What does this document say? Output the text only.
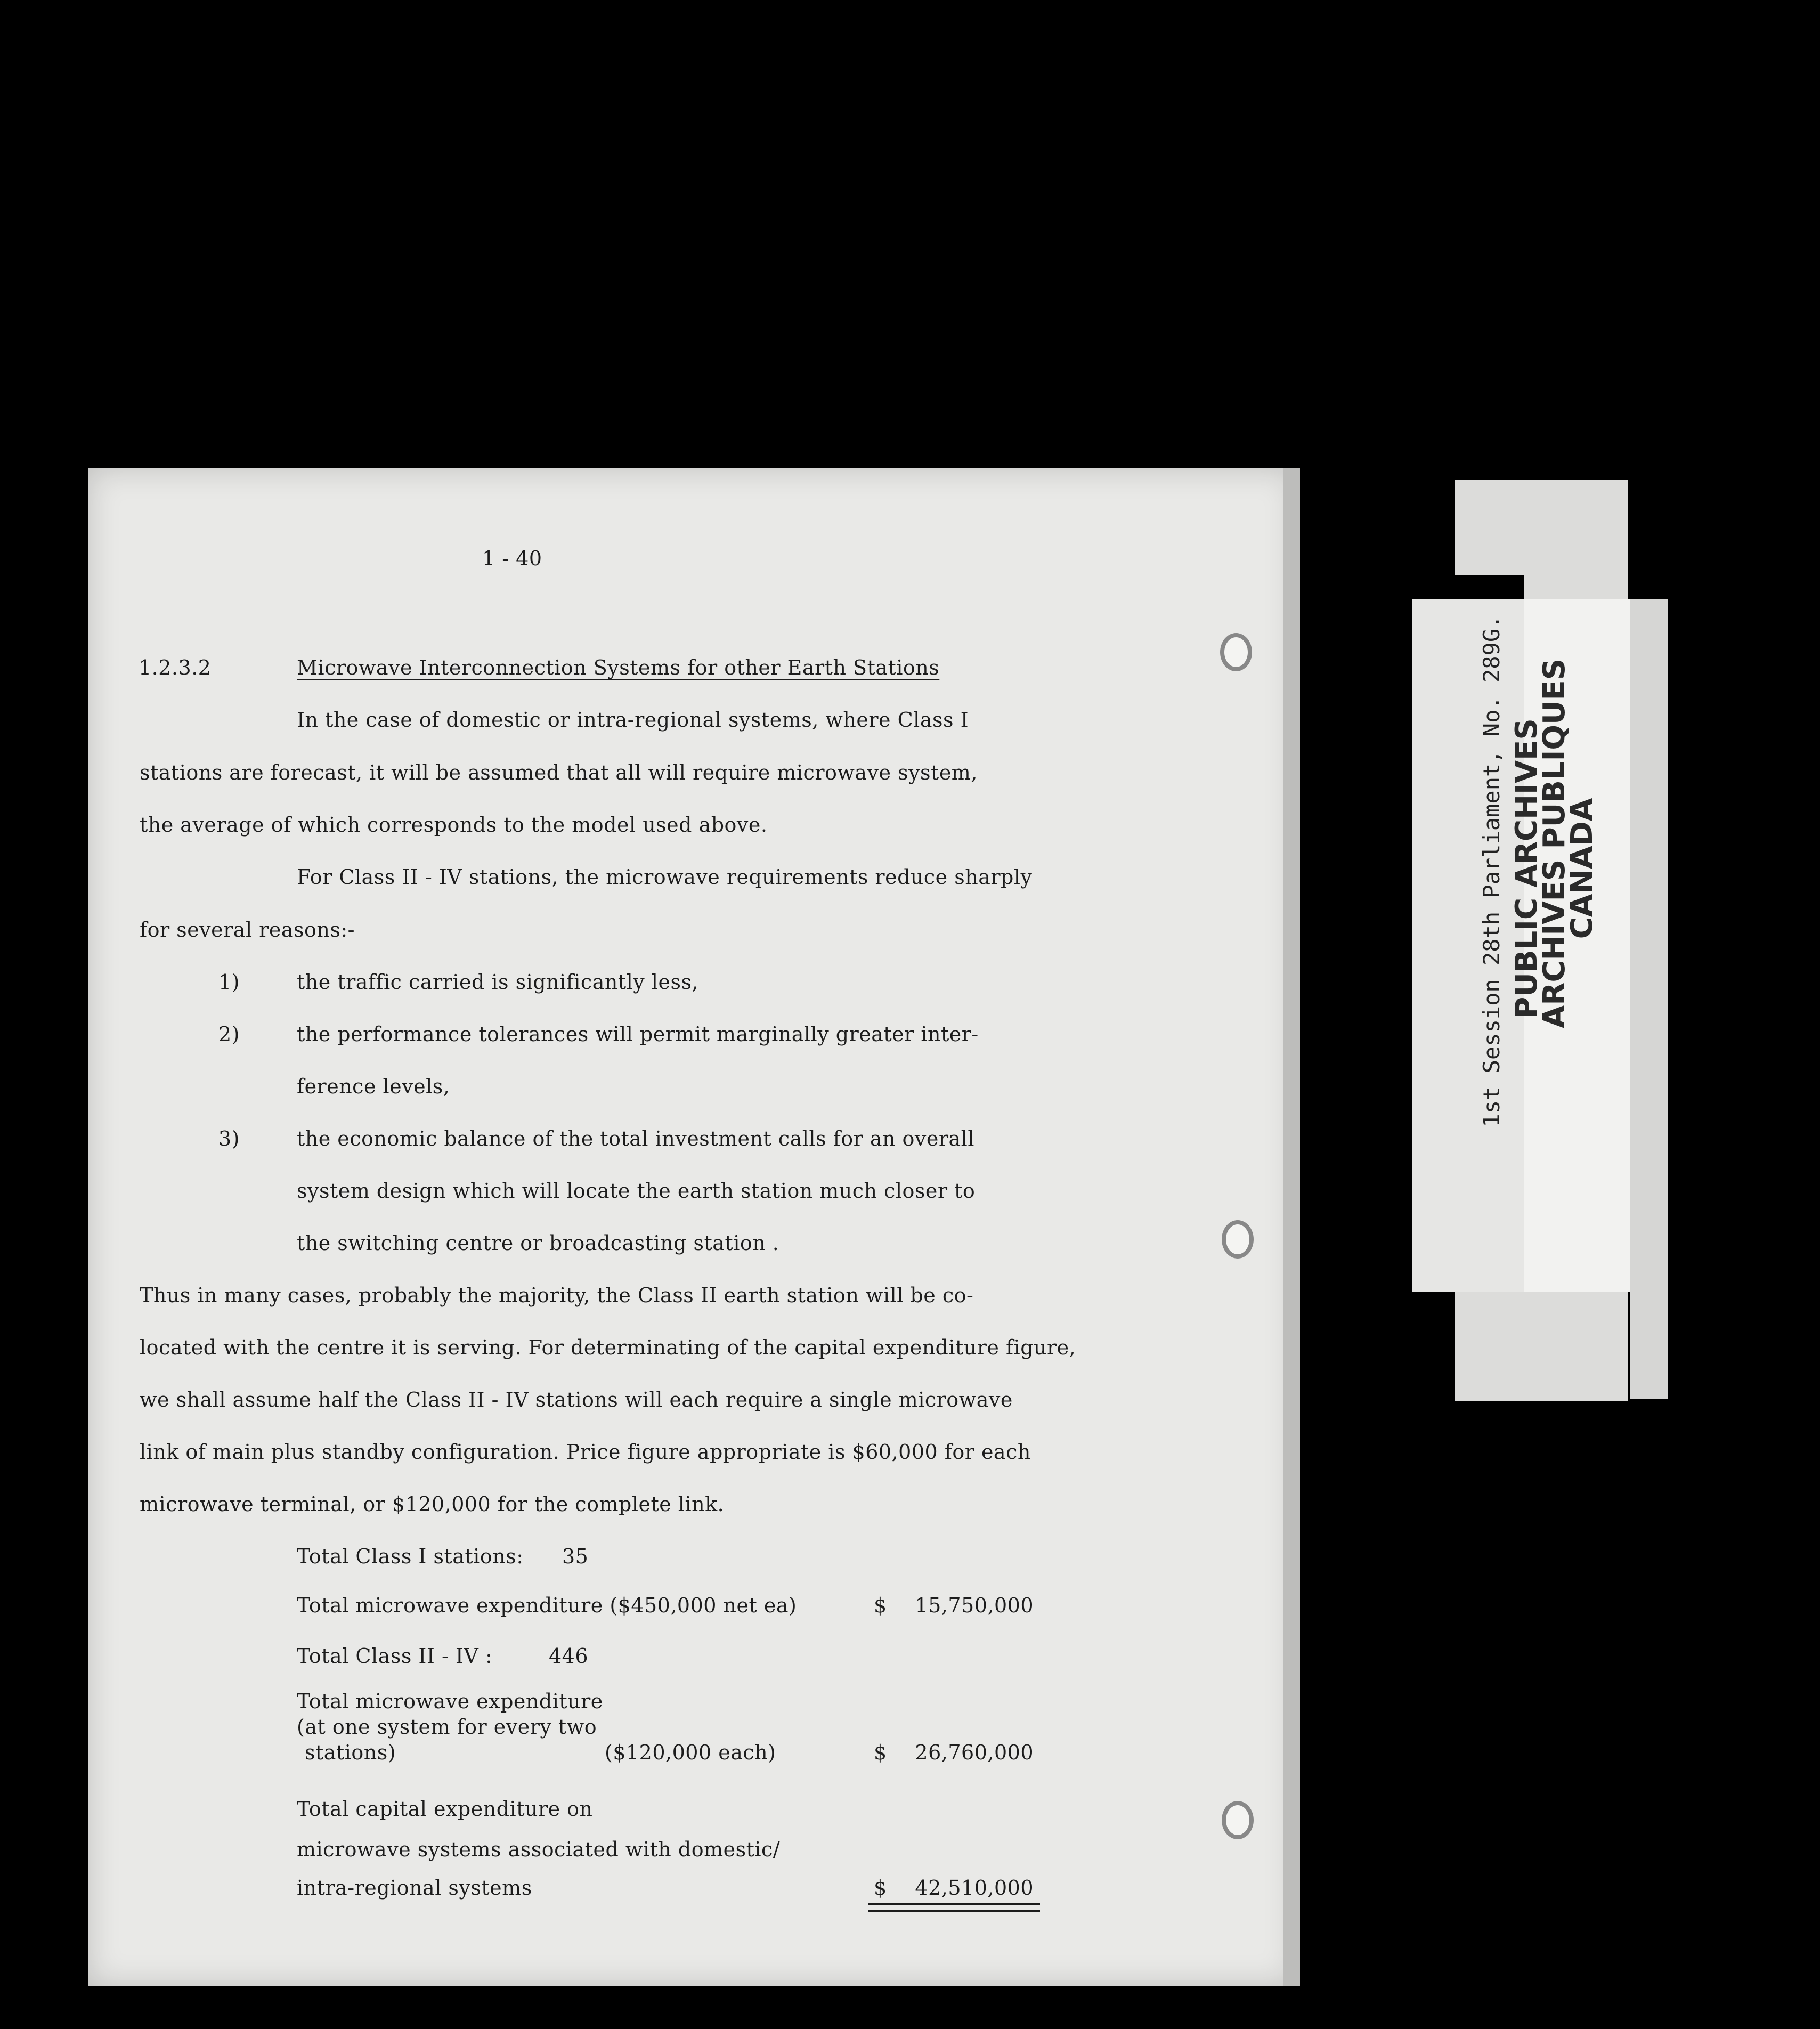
1 - 40
1.2.3.2	Microwave Interconnection Systems for other Earth Stations
In the case of domestic or intra-regional systems, where Class I
stations are forecast, it will be assumed that all will require microwave system,
the average of which corresponds to the model used above.
For Class II - IV stations, the microwave requirements reduce sharply
for several reasons:-
1)	the traffic carried is significantly less,
2)	the performance tolerances will permit marginally greater inter-
ference levels,
3)	the economic balance of the total investment calls for an overall
system design which will locate the earth station much closer to
the switching centre or broadcasting station .
Thus in many cases, probably the majority, the Class II earth station will be co-
located with the centre it is serving. For determinating of the capital expenditure figure,
we shall assume half the Class II - IV stations will each require a single microwave
link of main plus standby configuration. Price figure appropriate is $60,000 for each
microwave terminal, or $120,000 for the complete link.
Total Class I stations: 35
Total microwave expenditure ($450,000 net ea)	$	15,750,000
Total Class II - IV :	446
Total microwave expenditure
(at one system for every two
stations)	($120,000 each)	$	26,760,000
Total capital expenditure on
microwave systems associated with domestic/
intra-regional systems	$	42,510,000
1st Session 28th Parliament, No. 289G. PUBLIC ARCHIVES
ARCHIVES PUBLIQUES
CANADA
